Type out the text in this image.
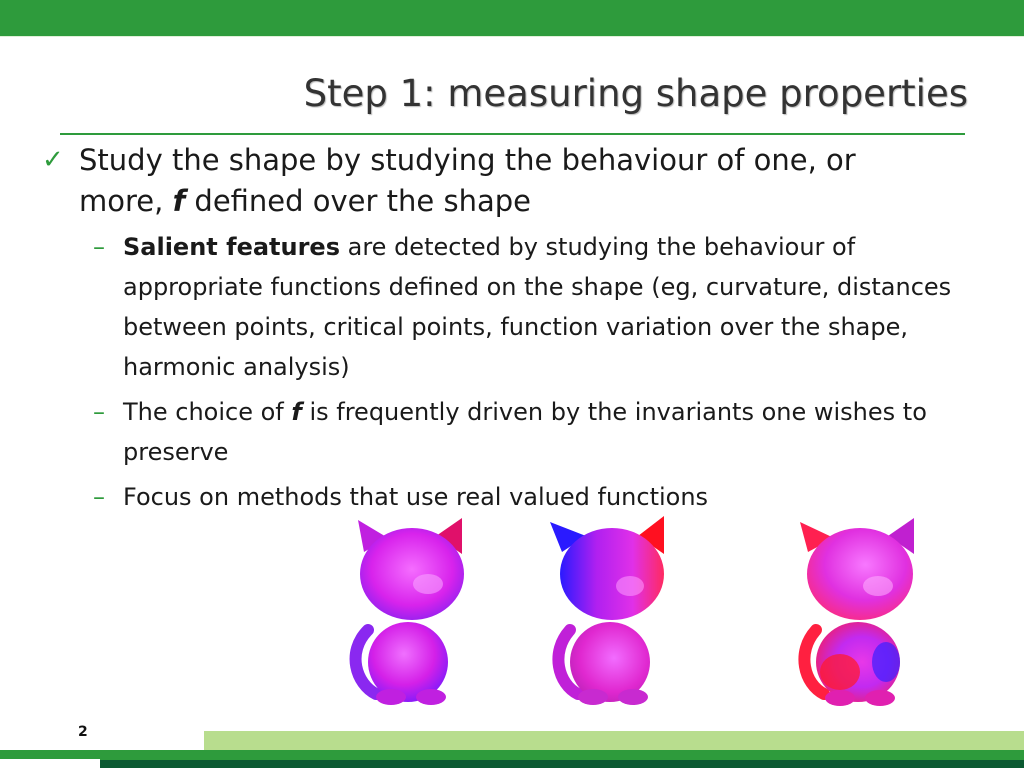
Step 1: measuring shape properties
✓ Study the shape by studying the behaviour of one, or more, f defined over the shape
– Salient features are detected by studying the behaviour of appropriate functions defined on the shape (eg, curvature, distances between points, critical points, function variation over the shape, harmonic analysis)
– The choice of f is frequently driven by the invariants one wishes to preserve
– Focus on methods that use real valued functions
2
